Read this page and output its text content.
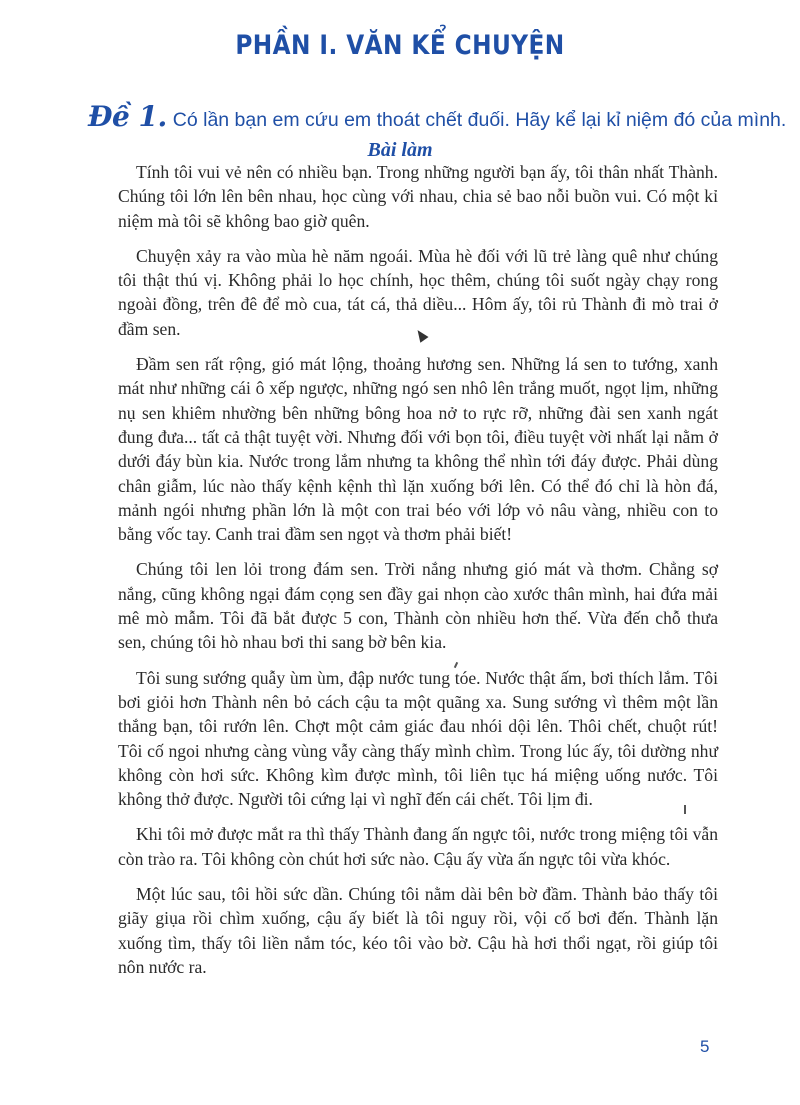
PHẦN I. VĂN KỂ CHUYỆN
Đề 1. Có lần bạn em cứu em thoát chết đuối. Hãy kể lại kỉ niệm đó của mình.
Bài làm

Tính tôi vui vẻ nên có nhiều bạn. Trong những người bạn ấy, tôi thân nhất Thành. Chúng tôi lớn lên bên nhau, học cùng với nhau, chia sẻ bao nỗi buồn vui. Có một kỉ niệm mà tôi sẽ không bao giờ quên.

Chuyện xảy ra vào mùa hè năm ngoái. Mùa hè đối với lũ trẻ làng quê như chúng tôi thật thú vị. Không phải lo học chính, học thêm, chúng tôi suốt ngày chạy rong ngoài đồng, trên đê để mò cua, tát cá, thả diều... Hôm ấy, tôi rủ Thành đi mò trai ở đầm sen.

Đầm sen rất rộng, gió mát lộng, thoảng hương sen. Những lá sen to tướng, xanh mát như những cái ô xếp ngược, những ngó sen nhô lên trắng muốt, ngọt lịm, những nụ sen khiêm nhường bên những bông hoa nở to rực rỡ, những đài sen xanh ngát đung đưa... tất cả thật tuyệt vời. Nhưng đối với bọn tôi, điều tuyệt vời nhất lại nằm ở dưới đáy bùn kia. Nước trong lắm nhưng ta không thể nhìn tới đáy được. Phải dùng chân giẫm, lúc nào thấy kệnh kệnh thì lặn xuống bới lên. Có thể đó chỉ là hòn đá, mảnh ngói nhưng phần lớn là một con trai béo với lớp vỏ nâu vàng, nhiều con to bằng vốc tay. Canh trai đầm sen ngọt và thơm phải biết!

Chúng tôi len lỏi trong đám sen. Trời nắng nhưng gió mát và thơm. Chẳng sợ nắng, cũng không ngại đám cọng sen đầy gai nhọn cào xước thân mình, hai đứa mải mê mò mẫm. Tôi đã bắt được 5 con, Thành còn nhiều hơn thế. Vừa đến chỗ thưa sen, chúng tôi hò nhau bơi thi sang bờ bên kia.

Tôi sung sướng quẫy ùm ùm, đập nước tung tóe. Nước thật ấm, bơi thích lắm. Tôi bơi giỏi hơn Thành nên bỏ cách cậu ta một quãng xa. Sung sướng vì thêm một lần thắng bạn, tôi rướn lên. Chợt một cảm giác đau nhói dội lên. Thôi chết, chuột rút! Tôi cố ngoi nhưng càng vùng vẫy càng thấy mình chìm. Trong lúc ấy, tôi dường như không còn hơi sức. Không kìm được mình, tôi liên tục há miệng uống nước. Tôi không thở được. Người tôi cứng lại vì nghĩ đến cái chết. Tôi lịm đi.

Khi tôi mở được mắt ra thì thấy Thành đang ấn ngực tôi, nước trong miệng tôi vẫn còn trào ra. Tôi không còn chút hơi sức nào. Cậu ấy vừa ấn ngực tôi vừa khóc.

Một lúc sau, tôi hồi sức dần. Chúng tôi nằm dài bên bờ đầm. Thành bảo thấy tôi giãy giụa rồi chìm xuống, cậu ấy biết là tôi nguy rồi, vội cố bơi đến. Thành lặn xuống tìm, thấy tôi liền nắm tóc, kéo tôi vào bờ. Cậu hà hơi thổi ngạt, rồi giúp tôi nôn nước ra.

5
